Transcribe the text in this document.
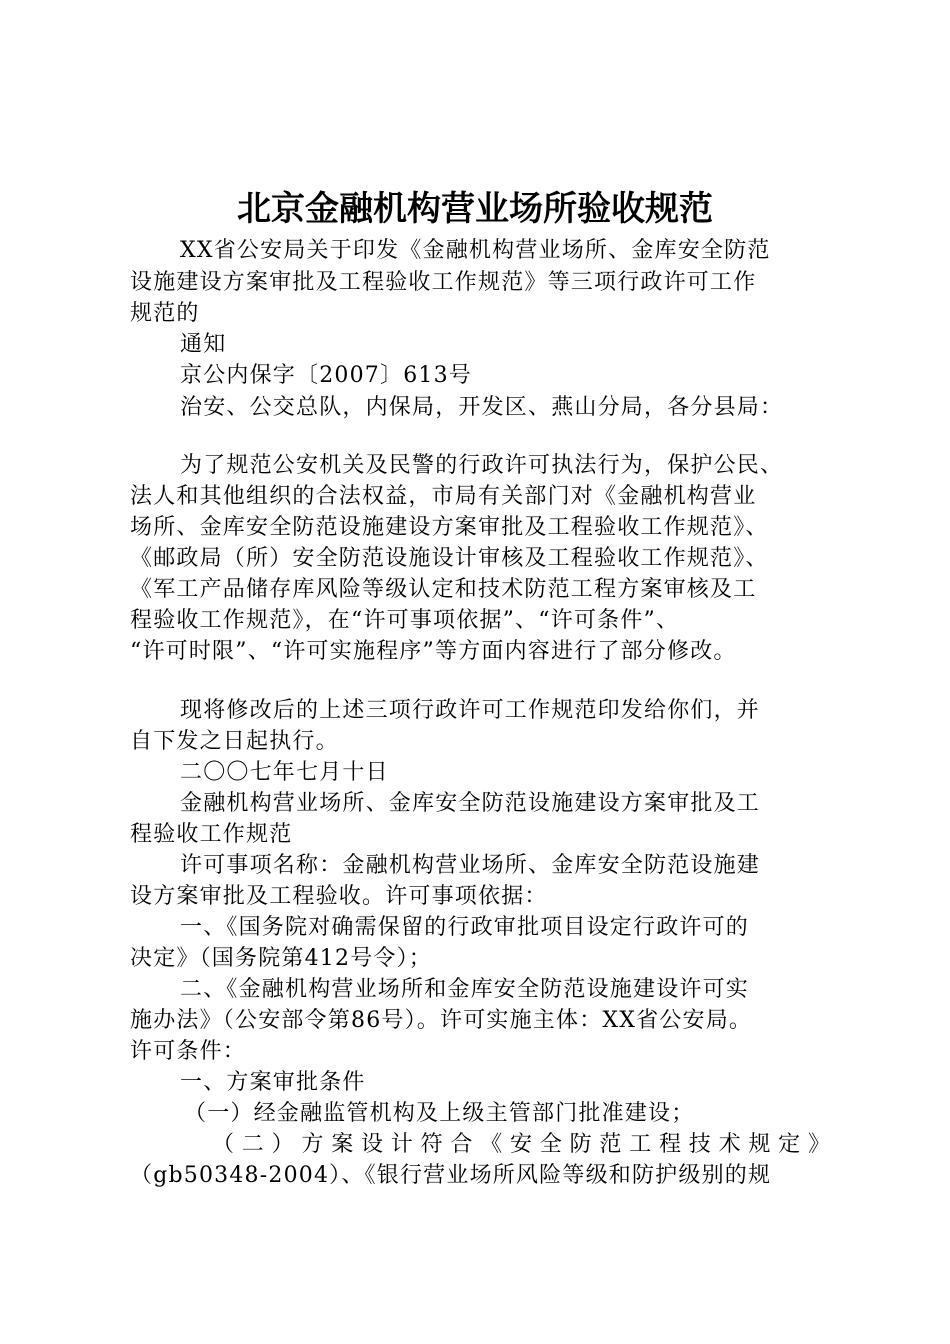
北京金融机构营业场所验收规范
XX省公安局关于印发《金融机构营业场所、金库安全防范
设施建设方案审批及工程验收工作规范》等三项行政许可工作
规范的
通知
京公内保字〔2007〕613号
治安、公交总队，内保局，开发区、燕山分局，各分县局：
为了规范公安机关及民警的行政许可执法行为，保护公民、
法人和其他组织的合法权益，市局有关部门对《金融机构营业
场所、金库安全防范设施建设方案审批及工程验收工作规范》、
《邮政局（所）安全防范设施设计审核及工程验收工作规范》、
《军工产品储存库风险等级认定和技术防范工程方案审核及工
程验收工作规范》，在“许可事项依据”、“许可条件”、
“许可时限”、“许可实施程序”等方面内容进行了部分修改。
现将修改后的上述三项行政许可工作规范印发给你们，并
自下发之日起执行。
二〇〇七年七月十日
金融机构营业场所、金库安全防范设施建设方案审批及工
程验收工作规范
许可事项名称：金融机构营业场所、金库安全防范设施建
设方案审批及工程验收。许可事项依据：
一、《国务院对确需保留的行政审批项目设定行政许可的
决定》（国务院第412号令）；
二、《金融机构营业场所和金库安全防范设施建设许可实
施办法》（公安部令第86号）。许可实施主体：XX省公安局。
许可条件：
一、方案审批条件
（一）经金融监管机构及上级主管部门批准建设；
（二）方案设计符合《安全防范工程技术规定》
（gb50348-2004）、《银行营业场所风险等级和防护级别的规
